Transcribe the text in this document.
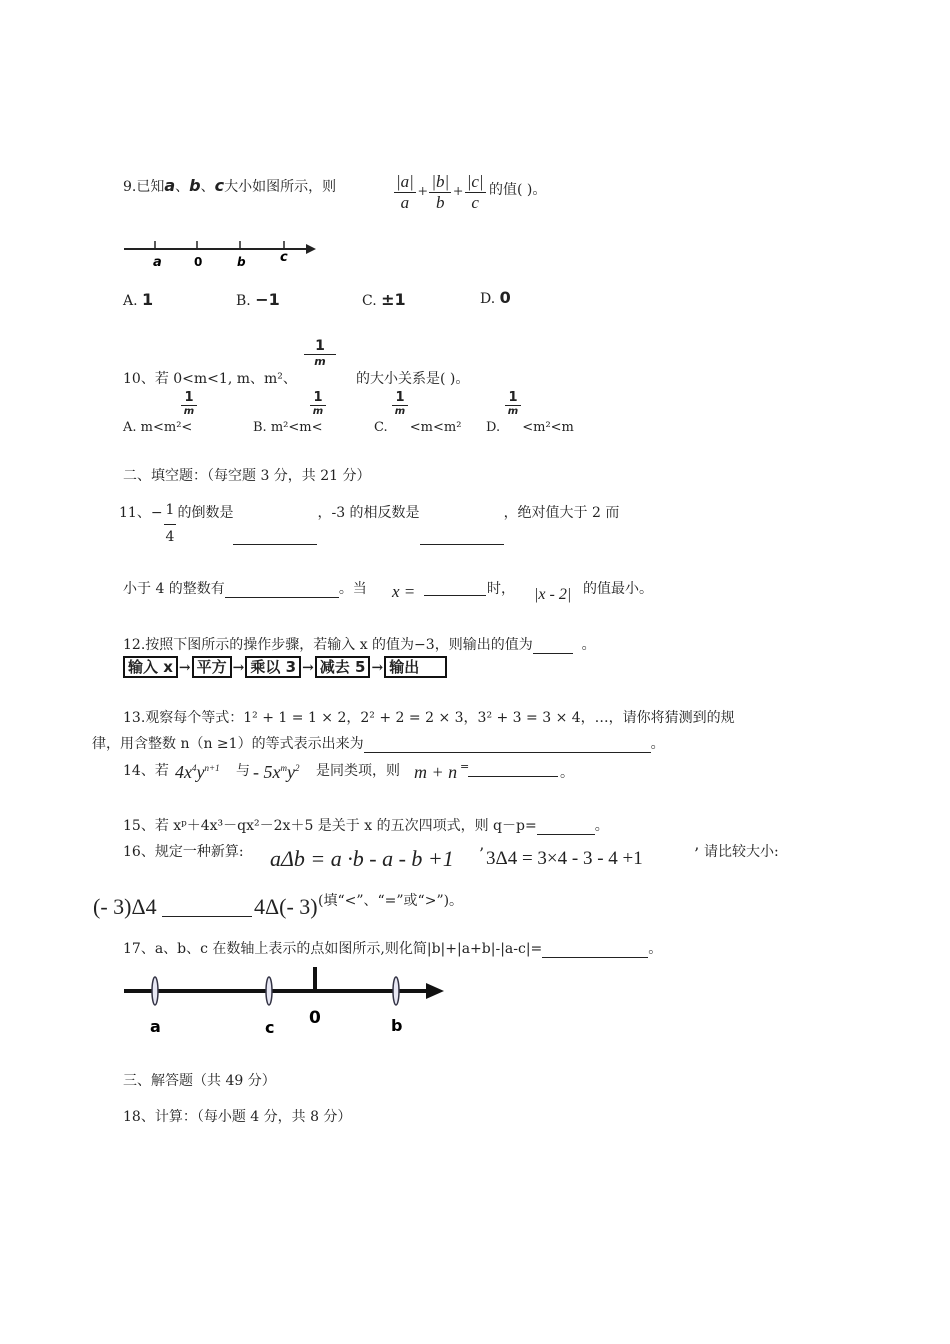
9.已知a、b、c大小如图所示，则	$\frac{|a|}{a} + \frac{|b|}{b} + \frac{|c|}{c}$ 的值( )。
a	0	b	c
A. 1	B. −1	C. ±1	D. 0
10、若 0<m<1, m、m²、
1
m
的大小关系是( )。
A. m<m²<
1
m
B. m²<m<
1
m
C. <m<m²
1
m
D. <m²<m
1
m
二、填空题：（每空题 3 分，共 21 分）
11、− $\frac{1}{4}$ 的倒数是	，-3 的相反数是	，绝对值大于 2 而
小于 4 的整数有	。当 x =	时， |x - 2| 的值最小。
12.按照下图所示的操作步骤，若输入 x 的值为−3，则输出的值为	。
输入 x → 平方 → 乘以 3 → 减去 5 → 输出
13.观察每个等式：1² + 1 = 1 × 2，2² + 2 = 2 × 3，3² + 3 = 3 × 4，…，请你将猜测到的规
律，用含整数 n（n ≥1）的等式表示出来为	。
14、若 $4x^4y^{n+1}$ 与 - $5x^my^2$ 是同类项，则 m + n =	。
15、若 xᵖ＋4x³－qx²－2x＋5 是关于 x 的五次四项式，则 q－p=	。
16、规定一种新算: aΔb = a ·b - a - b +1 ’ 3Δ4 = 3×4 - 3 - 4 +1	’ 请比较大小:
(- 3)Δ4	4Δ(- 3) (填“<”、“=”或“>”)。
17、a、b、c 在数轴上表示的点如图所示,则化简|b|+|a+b|-|a-c|=	。
a	c 0	b
三、解答题（共 49 分）
18、计算：（每小题 4 分，共 8 分）
